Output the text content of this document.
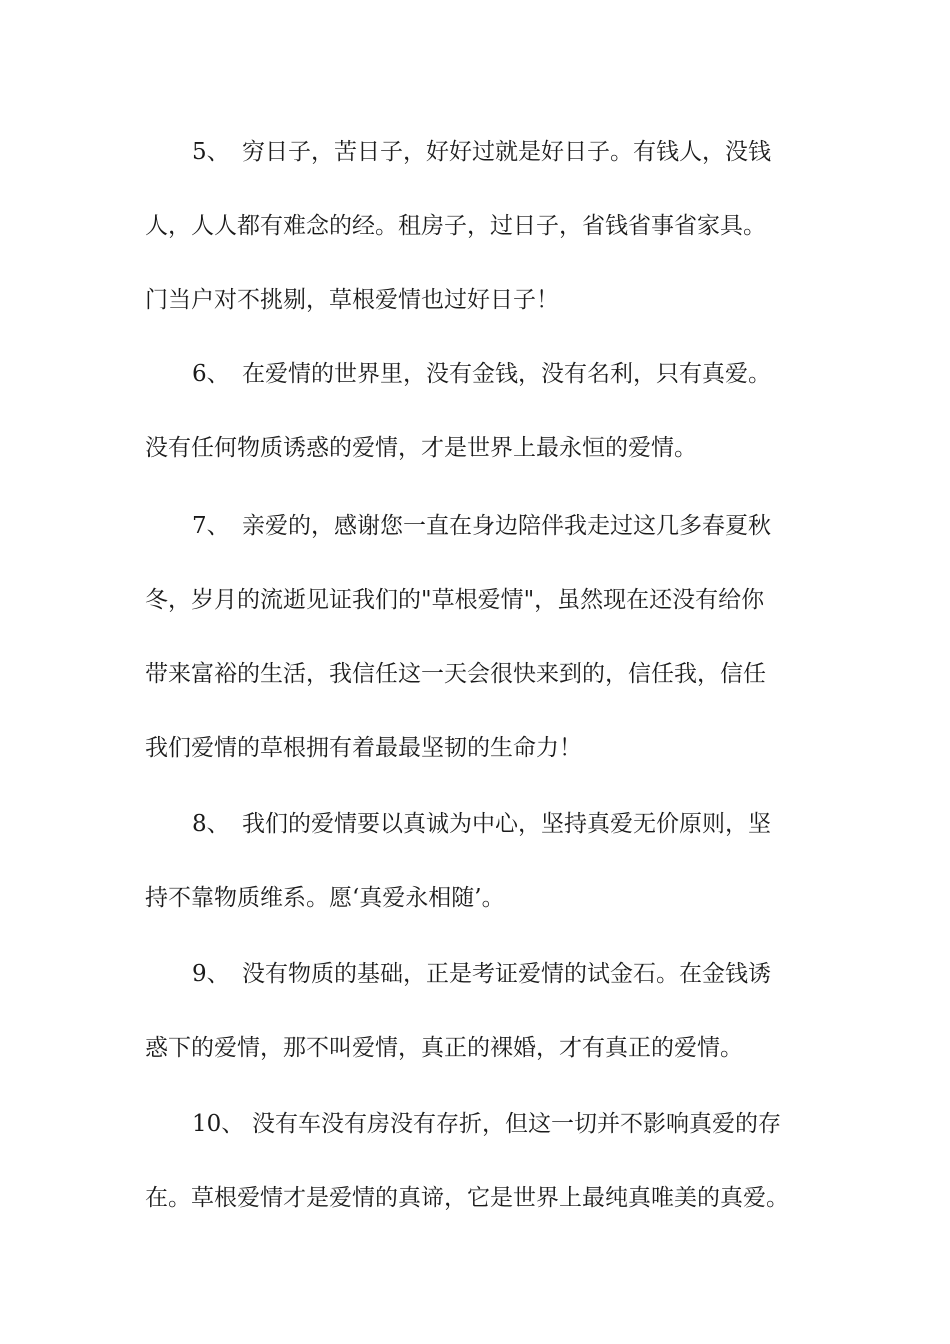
5、 穷日子，苦日子，好好过就是好日子。有钱人，没钱
人，人人都有难念的经。租房子，过日子，省钱省事省家具。
门当户对不挑剔，草根爱情也过好日子！
6、 在爱情的世界里，没有金钱，没有名利，只有真爱。
没有任何物质诱惑的爱情，才是世界上最永恒的爱情。
7、 亲爱的，感谢您一直在身边陪伴我走过这几多春夏秋
冬，岁月的流逝见证我们的"草根爱情"，虽然现在还没有给你
带来富裕的生活，我信任这一天会很快来到的，信任我，信任
我们爱情的草根拥有着最最坚韧的生命力！
8、 我们的爱情要以真诚为中心，坚持真爱无价原则，坚
持不靠物质维系。愿‘真爱永相随’。
9、 没有物质的基础，正是考证爱情的试金石。在金钱诱
惑下的爱情，那不叫爱情，真正的裸婚，才有真正的爱情。
10、 没有车没有房没有存折，但这一切并不影响真爱的存
在。草根爱情才是爱情的真谛，它是世界上最纯真唯美的真爱。
